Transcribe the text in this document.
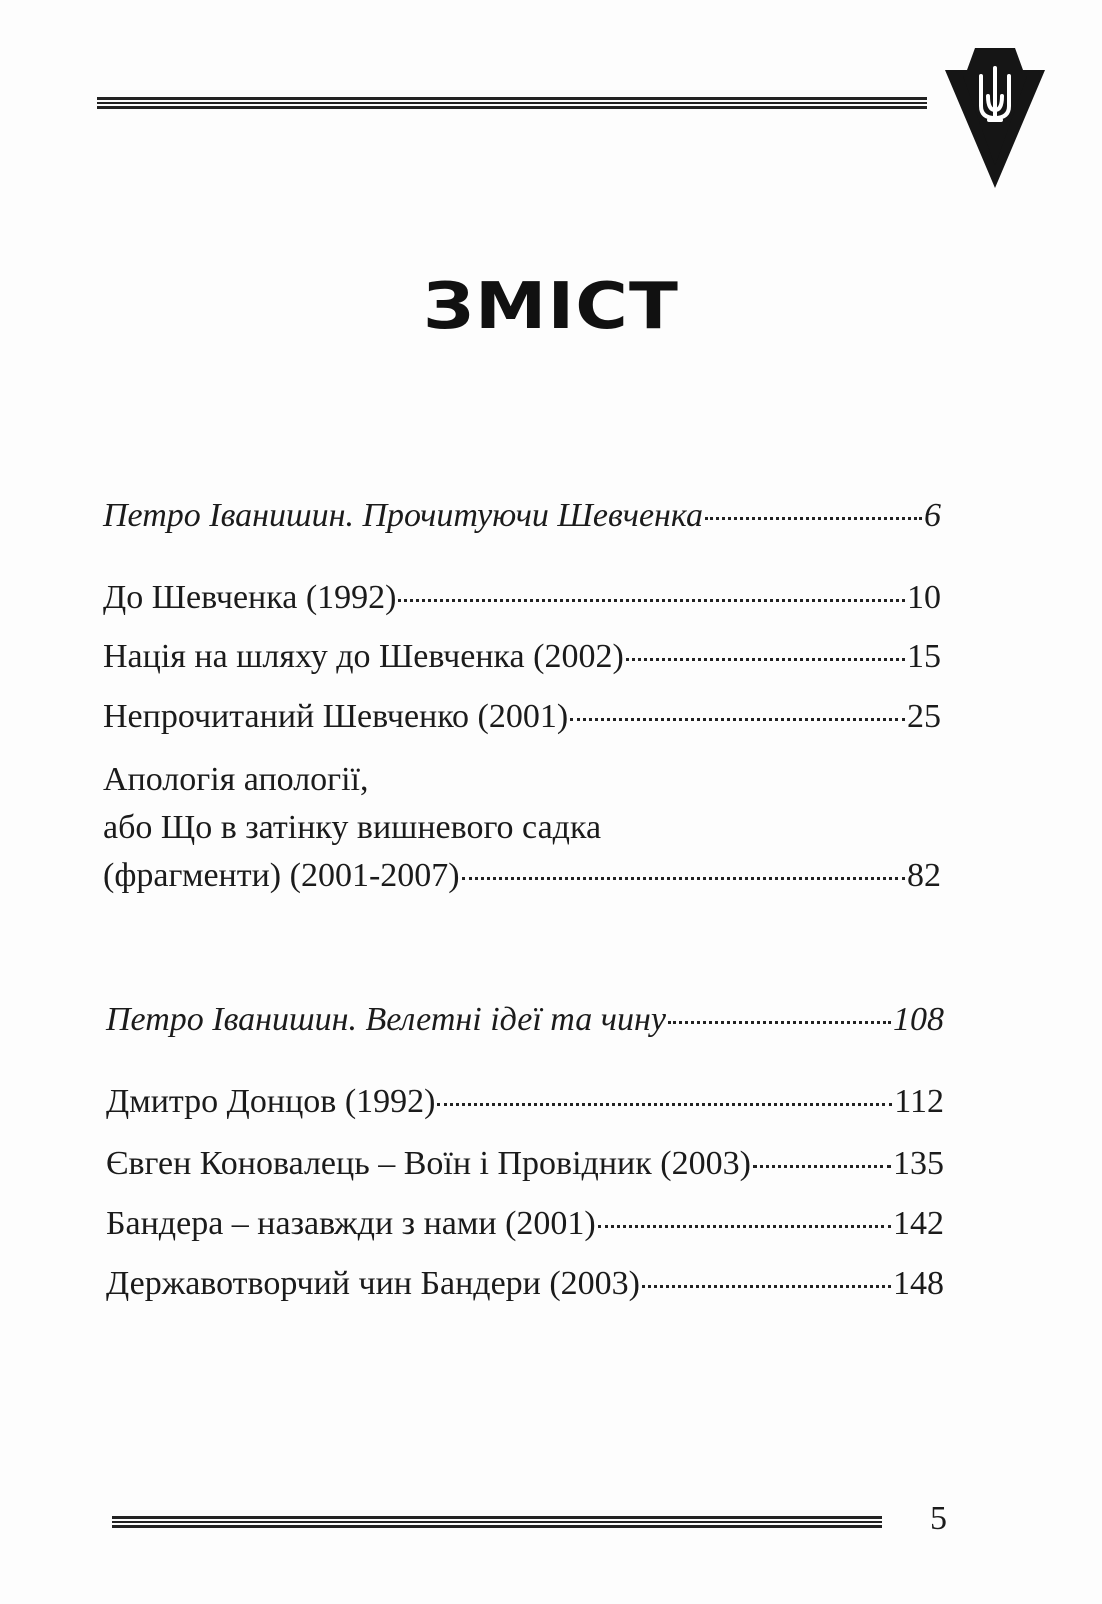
ЗМІСТ
Петро Іванишин. Прочитуючи Шевченка	6
До Шевченка (1992)	10
Нація на шляху до Шевченка (2002)	15
Непрочитаний Шевченко (2001)	25
Апологія апології,
або Що в затінку вишневого садка
(фрагменти) (2001-2007)	82
Петро Іванишин. Велетні ідеї та чину	108
Дмитро Донцов (1992)	112
Євген Коновалець – Воїн і Провідник (2003)	135
Бандера – назавжди з нами (2001)	142
Державотворчий чин Бандери (2003)	148
5
